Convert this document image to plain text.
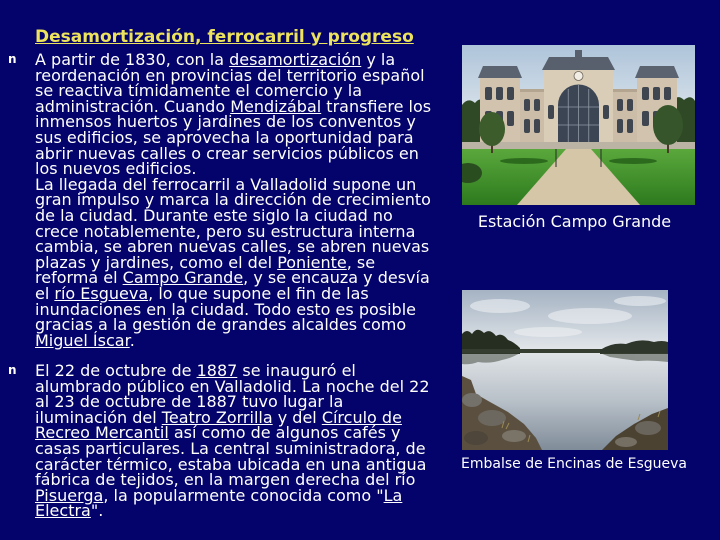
Desamortización, ferrocarril y progreso
n A partir de 1830, con la desamortización y la
reordenación en provincias del territorio español
se reactiva tímidamente el comercio y la
administración. Cuando Mendizábal transfiere los
inmensos huertos y jardines de los conventos y
sus edificios, se aprovecha la oportunidad para
abrir nuevas calles o crear servicios públicos en
los nuevos edificios.
La llegada del ferrocarril a Valladolid supone un
gran impulso y marca la dirección de crecimiento
de la ciudad. Durante este siglo la ciudad no
crece notablemente, pero su estructura interna
cambia, se abren nuevas calles, se abren nuevas
plazas y jardines, como el del Poniente, se
reforma el Campo Grande, y se encauza y desvía
el río Esgueva, lo que supone el fin de las
inundaciones en la ciudad. Todo esto es posible
gracias a la gestión de grandes alcaldes como
Miguel Íscar.
n El 22 de octubre de 1887 se inauguró el
alumbrado público en Valladolid. La noche del 22
al 23 de octubre de 1887 tuvo lugar la
iluminación del Teatro Zorrilla y del Círculo de
Recreo Mercantil así como de algunos cafés y
casas particulares. La central suministradora, de
carácter térmico, estaba ubicada en una antigua
fábrica de tejidos, en la margen derecha del río
Pisuerga, la popularmente conocida como "La
Electra".
Estación Campo Grande
Embalse de Encinas de Esgueva
